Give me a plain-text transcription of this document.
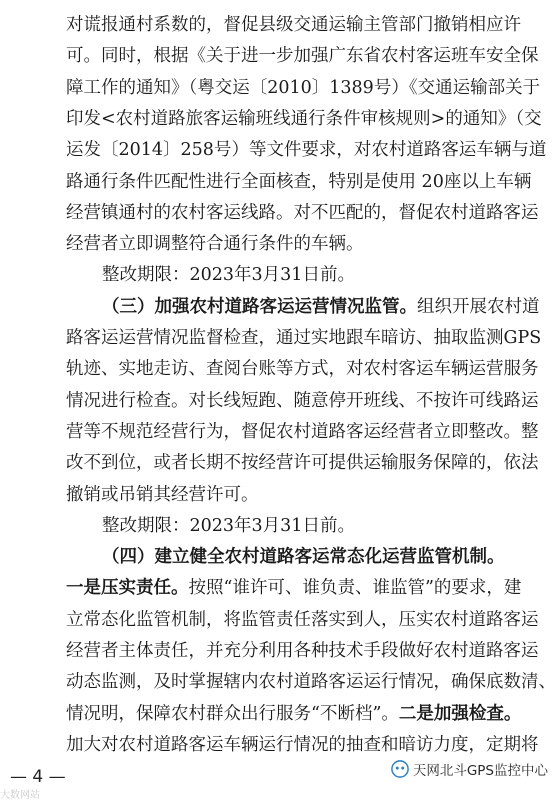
对谎报通村系数的，督促县级交通运输主管部门撤销相应许
可。同时，根据《关于进一步加强广东省农村客运班车安全保
障工作的通知》（粤交运〔2010〕1389号）《交通运输部关于
印发<农村道路旅客运输班线通行条件审核规则>的通知》（交
运发〔2014〕258号）等文件要求，对农村道路客运车辆与道
路通行条件匹配性进行全面核查，特别是使用 20座以上车辆
经营镇通村的农村客运线路。对不匹配的，督促农村道路客运
经营者立即调整符合通行条件的车辆。
整改期限：2023年3月31日前。
（三）加强农村道路客运运营情况监管。组织开展农村道
路客运运营情况监督检查，通过实地跟车暗访、抽取监测GPS
轨迹、实地走访、查阅台账等方式，对农村客运车辆运营服务
情况进行检查。对长线短跑、随意停开班线、不按许可线路运
营等不规范经营行为，督促农村道路客运经营者立即整改。整
改不到位，或者长期不按经营许可提供运输服务保障的，依法
撤销或吊销其经营许可。
整改期限：2023年3月31日前。
（四）建立健全农村道路客运常态化运营监管机制。
一是压实责任。按照“谁许可、谁负责、谁监管”的要求，建
立常态化监管机制，将监管责任落实到人，压实农村道路客运
经营者主体责任，并充分利用各种技术手段做好农村道路客运
动态监测，及时掌握辖内农村道路客运运行情况，确保底数清、
情况明，保障农村群众出行服务“不断档”。二是加强检查。
加大对农村道路客运车辆运行情况的抽查和暗访力度，定期将
— 4 —
大数网站
天网北斗GPS监控中心
